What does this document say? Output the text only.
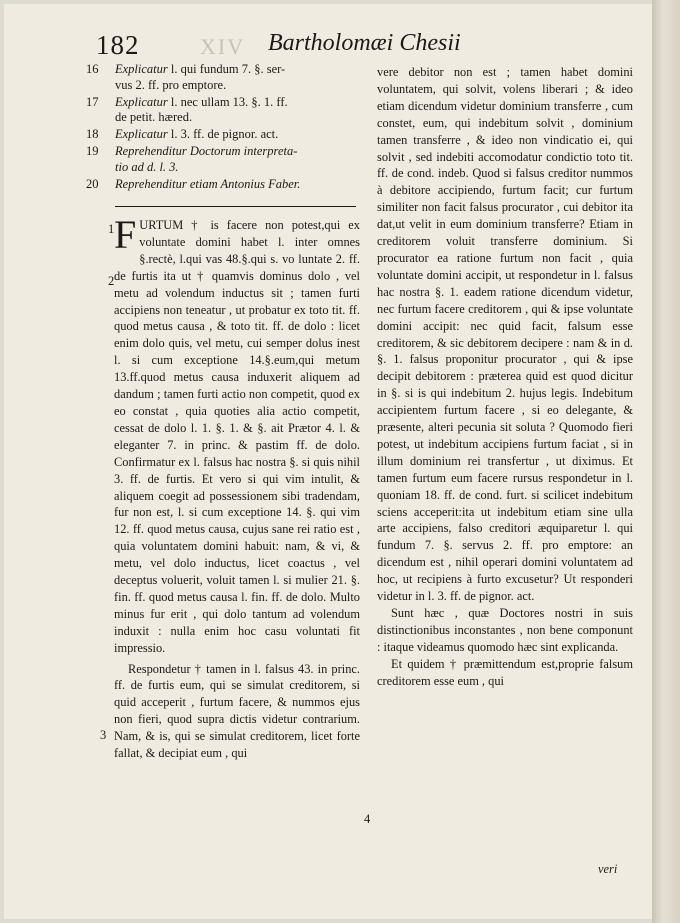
182	Bartholomæi Chesii
XIV
16 Explicatur l. qui fundum 7. §. ser-
vus 2. ff. pro emptore.
17 Explicatur l. nec ullam 13. §. 1. ff.
de petit. hæred.
18 Explicatur l. 3. ff. de pignor. act.
19 Reprehenditur Doctorum interpreta-
tio ad d. l. 3.
20 Reprehenditur etiam Antonius Faber.
1
2
3
4

FURTUM † is facere non potest,qui ex voluntate domini habet l. inter omnes §.rectè, l.qui vas 48.§.qui s. vo luntate 2. ff. de furtis ita ut † quamvis dominus dolo , vel metu ad volendum inductus sit ; tamen furti accipiens non teneatur , ut probatur ex toto tit. ff. quod metus causa , & toto tit. ff. de dolo : licet enim dolo quis, vel metu, cui semper dolus inest l. si cum exceptione 14.§.eum,qui metum 13.ff.quod metus causa induxerit aliquem ad dandum ; tamen furti actio non competit, quod ex eo constat , quia quoties alia actio competit, cessat de dolo l. 1. §. 1. & §. ait Prætor 4. l. & eleganter 7. in princ. & pastim ff. de dolo. Confirmatur ex l. falsus hac nostra §. si quis nihil 3. ff. de furtis. Et vero si qui vim intulit, & aliquem coegit ad possessionem sibi tradendam, fur non est, l. si cum exceptione 14. §. qui vim 12. ff. quod metus causa, cujus sane rei ratio est , quia voluntatem domini habuit: nam, & vi, & metu, vel dolo inductus, licet coactus , vel deceptus voluerit, voluit tamen l. si mulier 21. §. fin. ff. quod metus causa l. fin. ff. de dolo. Multo minus fur erit , qui dolo tantum ad volendum induxit : nulla enim hoc casu voluntati fit impressio.

Respondetur † tamen in l. falsus 43. in princ. ff. de furtis eum, qui se simulat creditorem, si quid acceperit , furtum facere, & nummos ejus non fieri, quod supra dictis videtur contrarium. Nam, & is, qui se simulat creditorem, licet forte fallat, & decipiat eum , qui

vere debitor non est ; tamen habet domini voluntatem, qui solvit, volens liberari ; & ideo etiam dicendum videtur dominium transferre , cum constet, eum, qui indebitum solvit , dominium tamen transferre , & ideo non vindicatio ei, qui solvit , sed indebiti accomodatur condictio toto tit. ff. de cond. indeb. Quod si falsus creditor nummos à debitore accipiendo, furtum facit; cur furtum similiter non facit falsus procurator , cui debitor ita dat,ut velit in eum dominium transferre? Etiam in creditorem voluit transferre dominium. Si procurator ea ratione furtum non facit , quia voluntate domini accipit, ut respondetur in l. falsus hac nostra §. 1. eadem ratione dicendum videtur, nec furtum facere creditorem , qui & ipse voluntate domini accipit: nec quid facit, falsum esse creditorem, & sic debitorem decipere : nam & in d. §. 1. falsus proponitur procurator , qui & ipse decipit debitorem : præterea quid est quod dicitur in §. si is qui indebitum 2. hujus legis. Indebitum accipientem furtum facere , si eo delegante, & præsente, alteri pecunia sit soluta ? Quomodo fieri potest, ut indebitum accipiens furtum faciat , si in illum dominium rei transfertur , ut diximus. Et tamen furtum eum facere rursus respondetur in l. quoniam 18. ff. de cond. furt. si scilicet indebitum sciens acceperit:ita ut indebitum etiam sine ulla arte accipiens, falso creditori æquiparetur l. qui fundum 7. §. servus 2. ff. pro emptore: an dicendum est , nihil operari domini voluntatem ad hoc, ut recipiens à furto excusetur? Ut responderi videtur in l. 3. ff. de pignor. act.

Sunt hæc , quæ Doctores nostri in suis distinctionibus inconstantes , non bene componunt : itaque videamus quomodo hæc sint explicanda.

Et quidem † præmittendum est,proprie falsum creditorem esse eum , qui

veri
